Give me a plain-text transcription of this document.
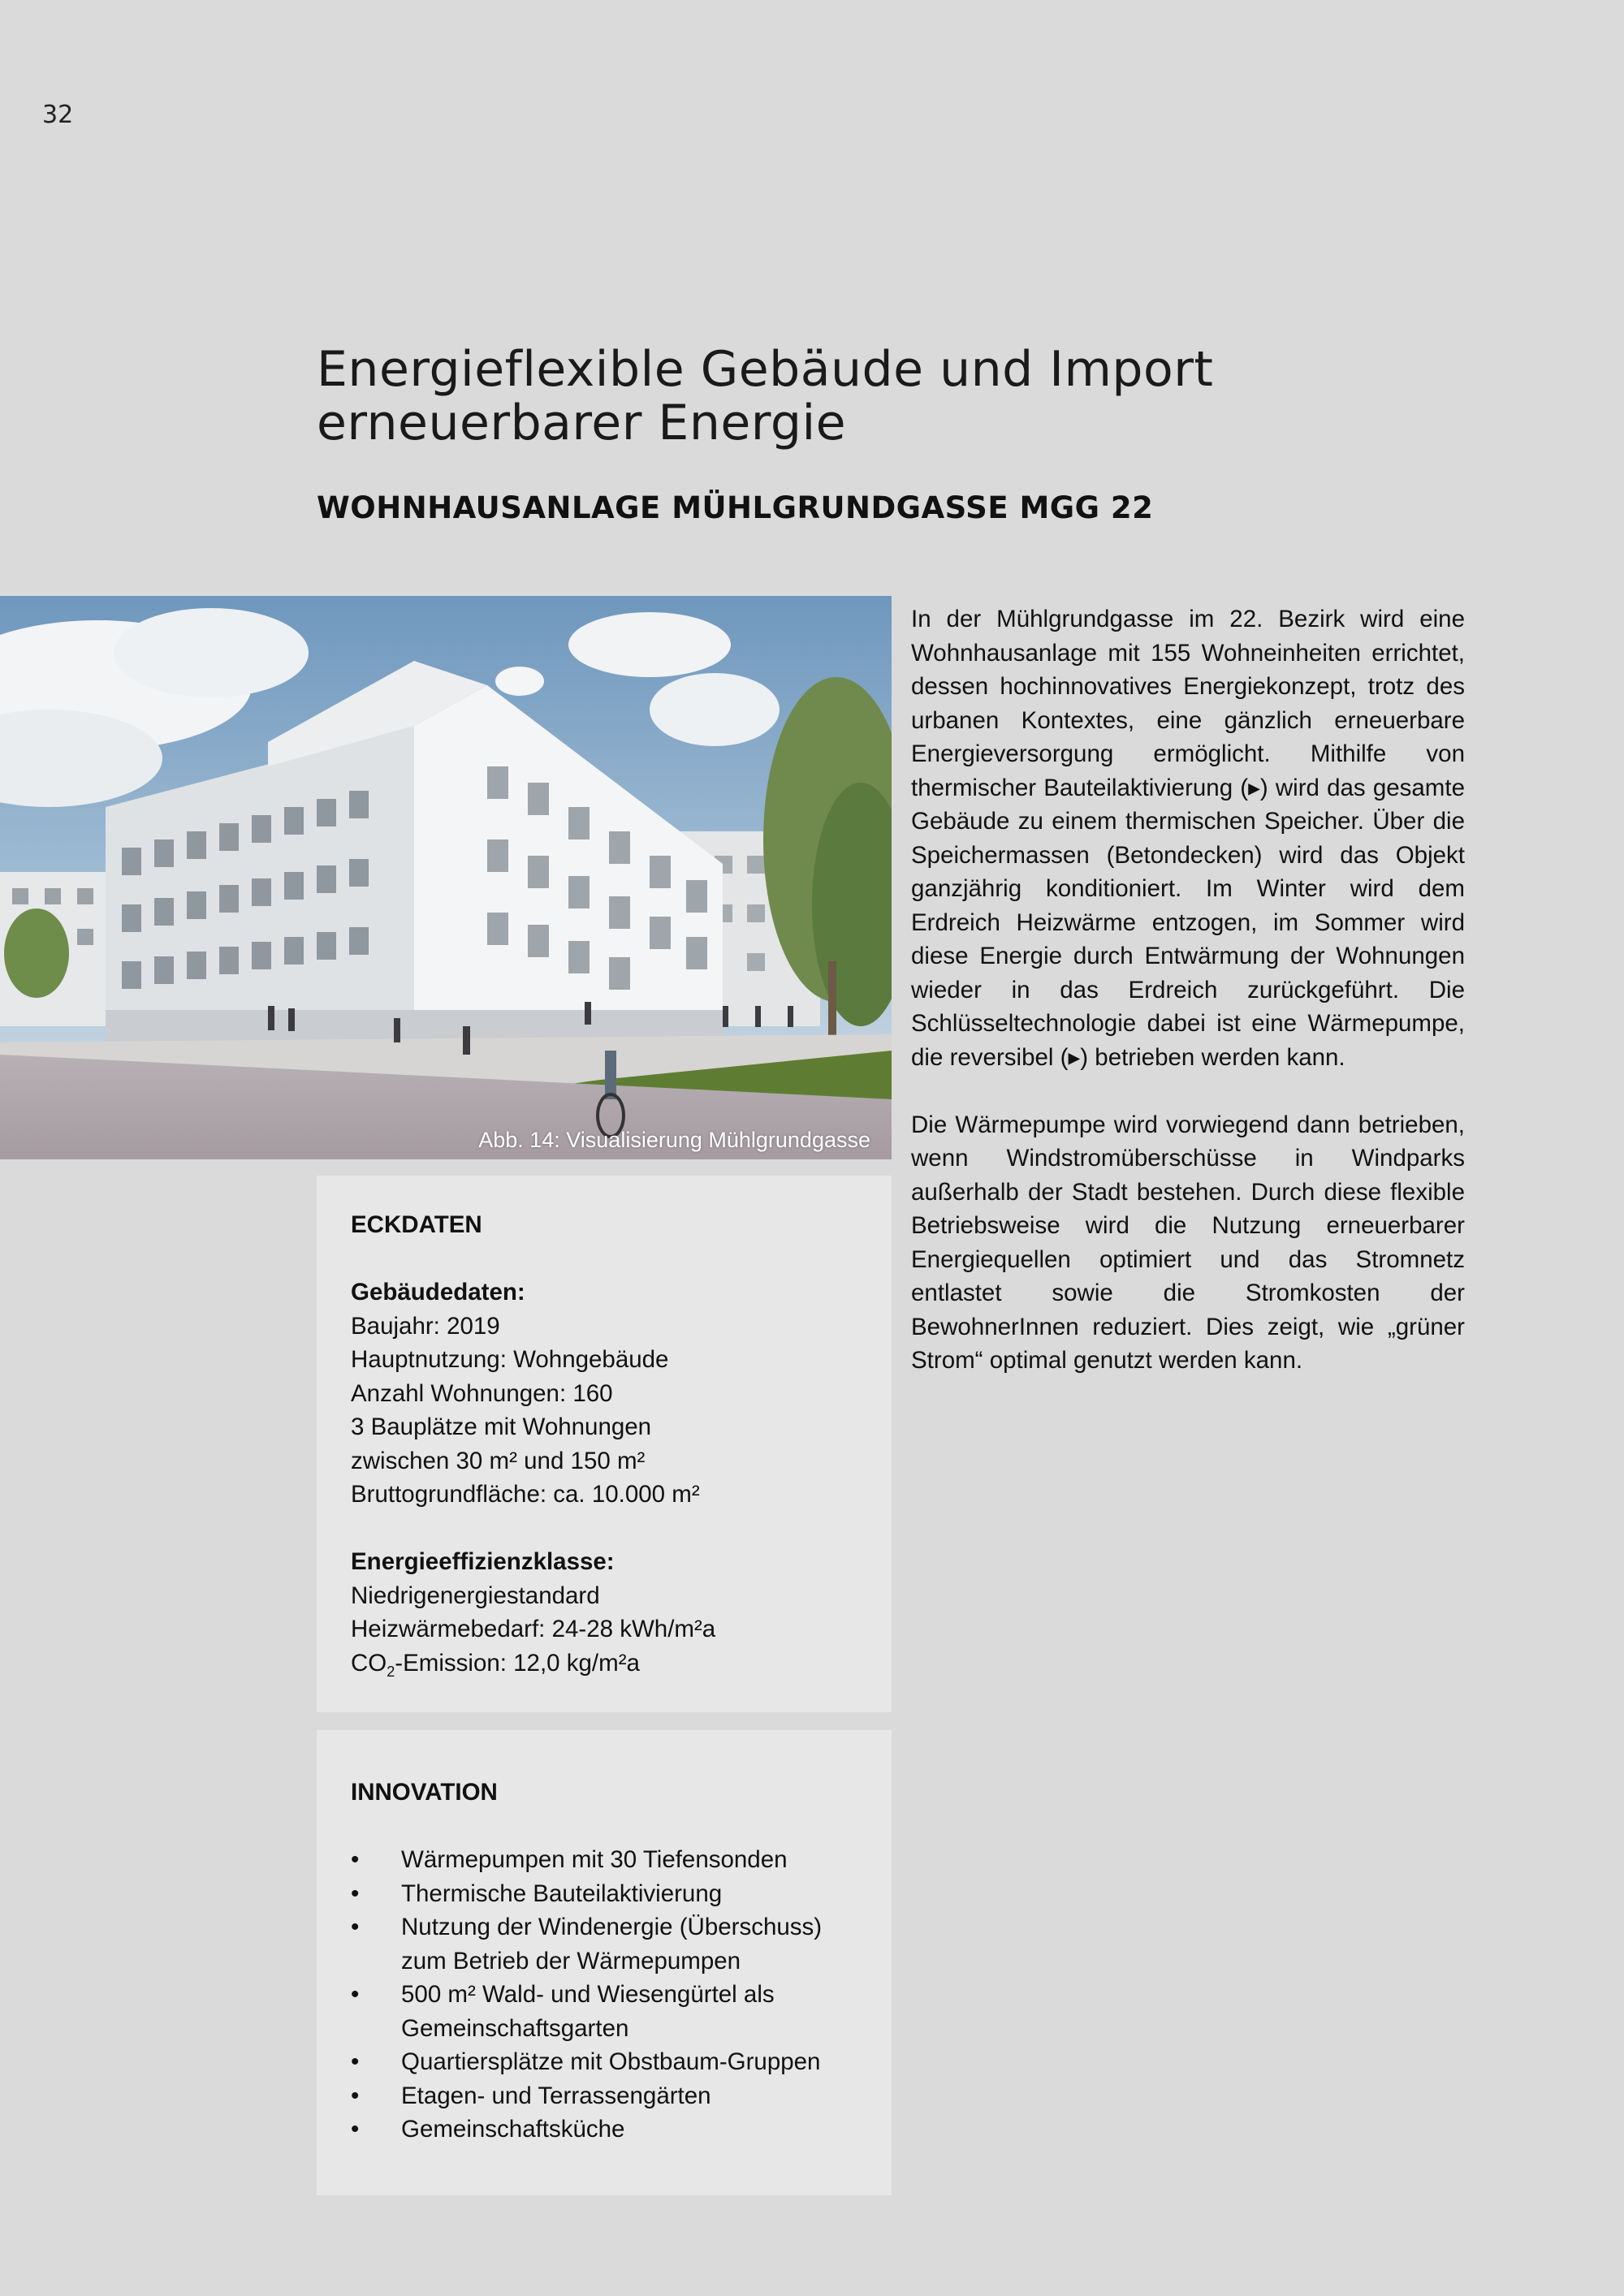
32
Energieflexible Gebäude und Import
erneuerbarer Energie
WOHNHAUSANLAGE MÜHLGRUNDGASSE MGG 22
Abb. 14: Visualisierung Mühlgrundgasse

In der Mühlgrundgasse im 22. Bezirk wird eine Wohnhausanlage mit 155 Wohneinheiten errichtet, dessen hochinnovatives Energiekonzept, trotz des urbanen Kontextes, eine gänzlich erneuerbare Energieversorgung ermöglicht. Mithilfe von thermischer Bauteilaktivierung (▸) wird das gesamte Gebäude zu einem thermischen Speicher. Über die Speichermassen (Betondecken) wird das Objekt ganzjährig konditioniert. Im Winter wird dem Erdreich Heizwärme entzogen, im Sommer wird diese Energie durch Entwärmung der Wohnungen wieder in das Erdreich zurückgeführt. Die Schlüsseltechnologie dabei ist eine Wärmepumpe, die reversibel (▸) betrieben werden kann.

Die Wärmepumpe wird vorwiegend dann betrieben, wenn Windstromüberschüsse in Windparks außerhalb der Stadt bestehen. Durch diese flexible Betriebsweise wird die Nutzung erneuerbarer Energiequellen optimiert und das Stromnetz entlastet sowie die Stromkosten der BewohnerInnen reduziert. Dies zeigt, wie „grüner Strom“ optimal genutzt werden kann.

ECKDATEN
Gebäudedaten:
Baujahr: 2019
Hauptnutzung: Wohngebäude
Anzahl Wohnungen: 160
3 Bauplätze mit Wohnungen
zwischen 30 m² und 150 m²
Bruttogrundfläche: ca. 10.000 m²
Energieeffizienzklasse:
Niedrigenergiestandard
Heizwärmebedarf: 24-28 kWh/m²a
$CO_2$-Emission: 12,0 kg/m²a
INNOVATION
• Wärmepumpen mit 30 Tiefensonden
• Thermische Bauteilaktivierung
• Nutzung der Windenergie (Überschuss) zum Betrieb der Wärmepumpen
• 500 m² Wald- und Wiesengürtel als Gemeinschaftsgarten
• Quartiersplätze mit Obstbaum-Gruppen
• Etagen- und Terrassengärten
• Gemeinschaftsküche
